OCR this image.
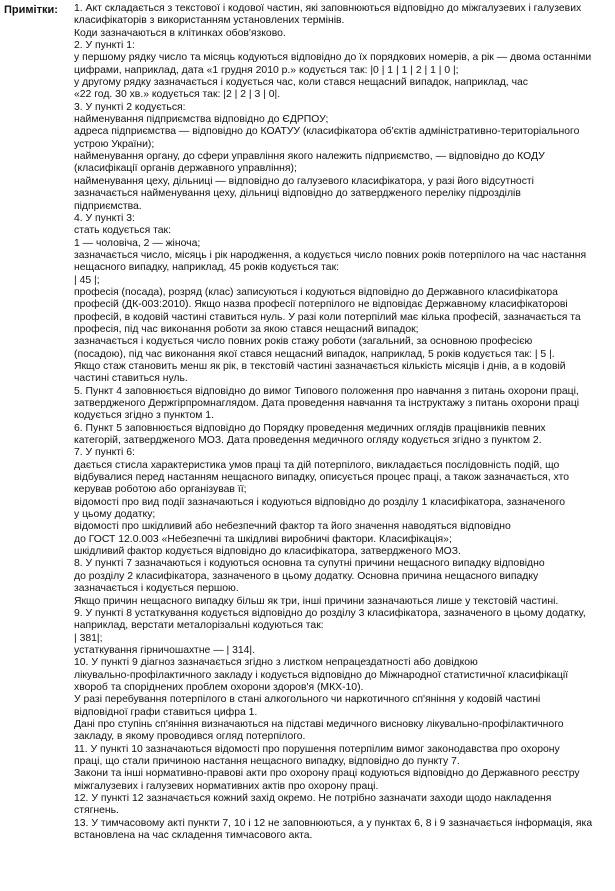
Примітки: 1. Акт складається з текстової і кодової частин, які заповнюються відповідно до міжгалузевих і галузевих
класифікаторів з використанням установлених термінів.
Коди зазначаються в клітинках обов'язково.
2. У пункті 1:
у першому рядку число та місяць кодуються відповідно до їх порядкових номерів, а рік — двома останніми
цифрами, наприклад, дата «1 грудня 2010 р.» кодується так: |0 | 1 | 1 | 2 | 1 | 0 |;
у другому рядку зазначається і кодується час, коли стався нещасний випадок, наприклад, час
«22 год. 30 хв.» кодується так: |2 | 2 | 3 | 0|.
3. У пункті 2 кодується:
найменування підприємства відповідно до ЄДРПОУ;
адреса підприємства — відповідно до КОАТУУ (класифікатора об'єктів адміністративно-територіального
устрою України);
найменування органу, до сфери управління якого належить підприємство, — відповідно до КОДУ
(класифікації органів державного управління);
найменування цеху, дільниці — відповідно до галузевого класифікатора, у разі його відсутності
зазначається найменування цеху, дільниці відповідно до затвердженого переліку підрозділів
підприємства.
4. У пункті 3:
стать кодується так:
1 — чоловіча, 2 — жіноча;
зазначається число, місяць і рік народження, а кодується число повних років потерпілого на час настання
нещасного випадку, наприклад, 45 років кодується так:
| 45 |;
професія (посада), розряд (клас) записуються і кодуються відповідно до Державного класифікатора
професій (ДК-003:2010). Якщо назва професії потерпілого не відповідає Державному класифікаторові
професій, в кодовій частині ставиться нуль. У разі коли потерпілий має кілька професій, зазначається та
професія, під час виконання роботи за якою стався нещасний випадок;
зазначається і кодується число повних років стажу роботи (загальний, за основною професією
(посадою), під час виконання якої стався нещасний випадок, наприклад, 5 років кодується так: | 5 |.
Якщо стаж становить менш як рік, в текстовій частині зазначається кількість місяців і днів, а в кодовій
частині ставиться нуль.
5. Пункт 4 заповнюється відповідно до вимог Типового положення про навчання з питань охорони праці,
затвердженого Держгірпромнаглядом. Дата проведення навчання та інструктажу з питань охорони праці
кодується згідно з пунктом 1.
6. Пункт 5 заповнюється відповідно до Порядку проведення медичних оглядів працівників певних
категорій, затвердженого МОЗ. Дата проведення медичного огляду кодується згідно з пунктом 2.
7. У пункті 6:
дається стисла характеристика умов праці та дій потерпілого, викладається послідовність подій, що
відбувалися перед настанням нещасного випадку, описується процес праці, а також зазначається, хто
керував роботою або організував її;
відомості про вид події зазначаються і кодуються відповідно до розділу 1 класифікатора, зазначеного
у цьому додатку;
відомості про шкідливий або небезпечний фактор та його значення наводяться відповідно
до ГОСТ 12.0.003 «Небезпечні та шкідливі виробничі фактори. Класифікація»;
шкідливий фактор кодується відповідно до класифікатора, затвердженого МОЗ.
8. У пункті 7 зазначаються і кодуються основна та супутні причини нещасного випадку відповідно
до розділу 2 класифікатора, зазначеного в цьому додатку. Основна причина нещасного випадку
зазначається і кодується першою.
Якщо причин нещасного випадку більш як три, інші причини зазначаються лише у текстовій частині.
9. У пункті 8 устаткування кодується відповідно до розділу 3 класифікатора, зазначеного в цьому додатку,
наприклад, верстати металорізальні кодуються так:
| 381|;
устаткування гірничошахтне — | 314|.
10. У пункті 9 діагноз зазначається згідно з листком непрацездатності або довідкою
лікувально-профілактичного закладу і кодується відповідно до Міжнародної статистичної класифікації
хвороб та споріднених проблем охорони здоров'я (МКХ-10).
У разі перебування потерпілого в стані алкогольного чи наркотичного сп'яніння у кодовій частині
відповідної графи ставиться цифра 1.
Дані про ступінь сп'яніння визначаються на підставі медичного висновку лікувально-профілактичного
закладу, в якому проводився огляд потерпілого.
11. У пункті 10 зазначаються відомості про порушення потерпілим вимог законодавства про охорону
праці, що стали причиною настання нещасного випадку, відповідно до пункту 7.
Закони та інші нормативно-правові акти про охорону праці кодуються відповідно до Державного реєстру
міжгалузевих і галузевих нормативних актів про охорону праці.
12. У пункті 12 зазначається кожний захід окремо. Не потрібно зазначати заходи щодо накладення
стягнень.
13. У тимчасовому акті пункти 7, 10 і 12 не заповнюються, а у пунктах 6, 8 і 9 зазначається інформація, яка
встановлена на час складення тимчасового акта.
